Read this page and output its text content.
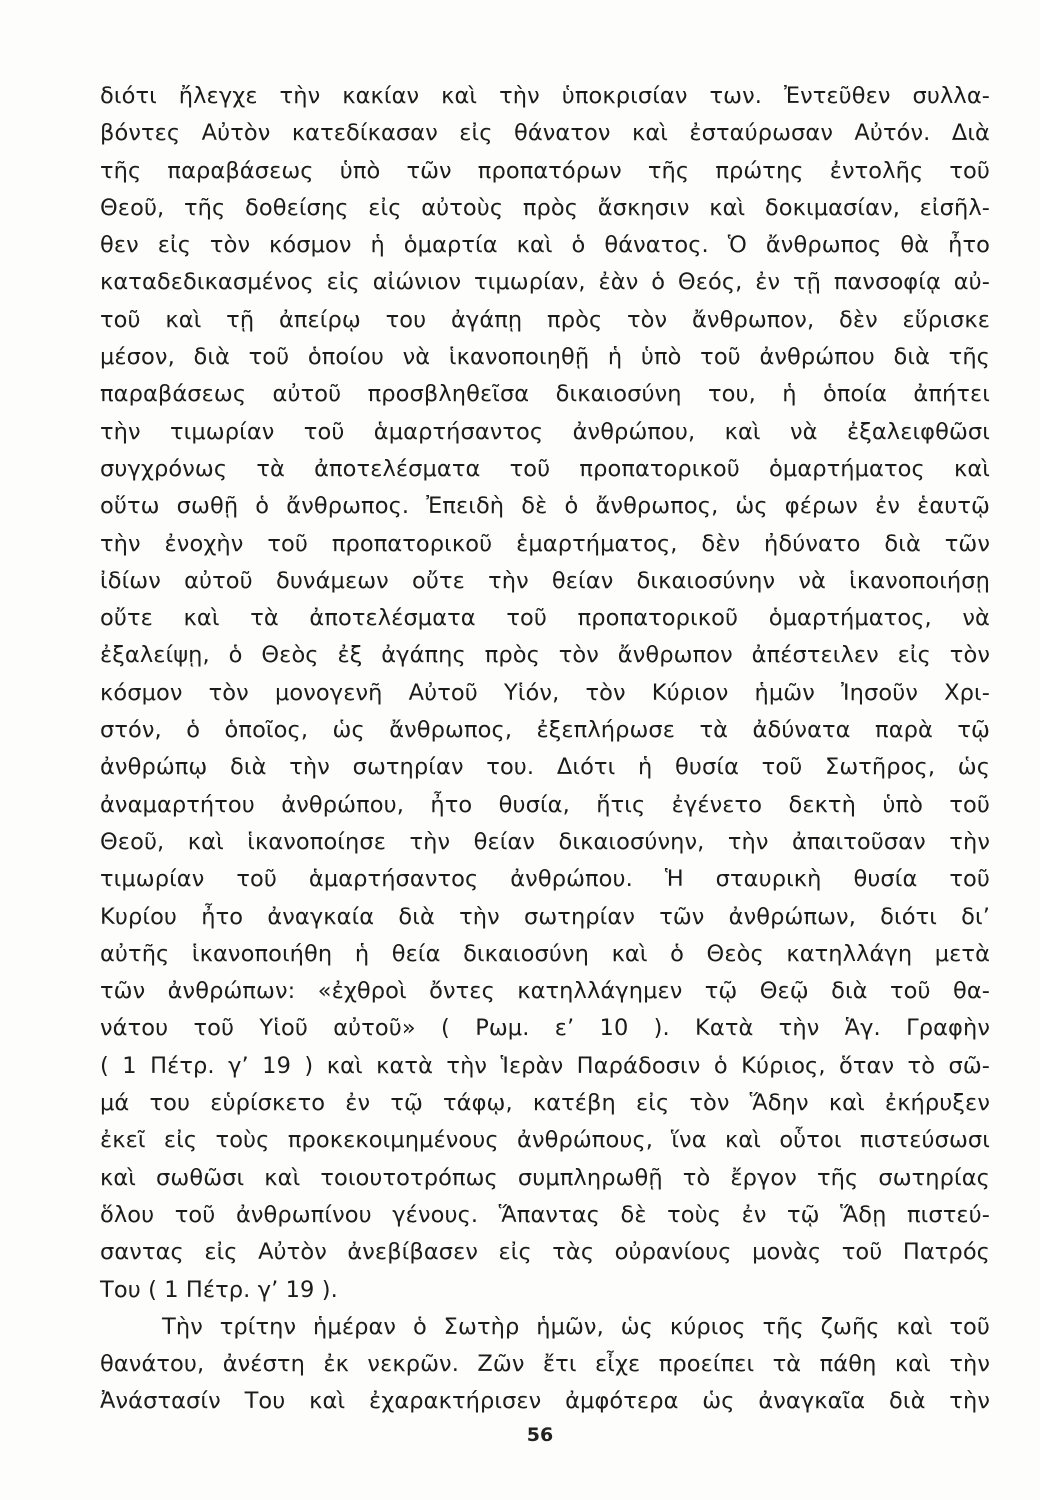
διότι ἤλεγχε τὴν κακίαν καὶ τὴν ὑποκρισίαν των. Ἐντεῦθεν συλλα-
βόντες Αὐτὸν κατεδίκασαν εἰς θάνατον καὶ ἐσταύρωσαν Αὐτόν. Διὰ
τῆς παραβάσεως ὑπὸ τῶν προπατόρων τῆς πρώτης ἐντολῆς τοῦ
Θεοῦ, τῆς δοθείσης εἰς αὐτοὺς πρὸς ἄσκησιν καὶ δοκιμασίαν, εἰσῆλ-
θεν εἰς τὸν κόσμον ἡ ὁμαρτία καὶ ὁ θάνατος. Ὁ ἄνθρωπος θὰ ἦτο
καταδεδικασμένος εἰς αἰώνιον τιμωρίαν, ἐὰν ὁ Θεός, ἐν τῇ πανσοφίᾳ αὐ-
τοῦ καὶ τῇ ἀπείρῳ του ἀγάπῃ πρὸς τὸν ἄνθρωπον, δὲν εὕρισκε
μέσον, διὰ τοῦ ὁποίου νὰ ἱκανοποιηθῇ ἡ ὑπὸ τοῦ ἀνθρώπου διὰ τῆς
παραβάσεως αὐτοῦ προσβληθεῖσα δικαιοσύνη του, ἡ ὁποία ἀπήτει
τὴν τιμωρίαν τοῦ ἁμαρτήσαντος ἀνθρώπου, καὶ νὰ ἐξαλειφθῶσι
συγχρόνως τὰ ἀποτελέσματα τοῦ προπατορικοῦ ὁμαρτήματος καὶ
οὕτω σωθῇ ὁ ἄνθρωπος. Ἐπειδὴ δὲ ὁ ἄνθρωπος, ὡς φέρων ἐν ἑαυτῷ
τὴν ἐνοχὴν τοῦ προπατορικοῦ ἑμαρτήματος, δὲν ἠδύνατο διὰ τῶν
ἰδίων αὐτοῦ δυνάμεων οὔτε τὴν θείαν δικαιοσύνην νὰ ἱκανοποιήσῃ
οὔτε καὶ τὰ ἀποτελέσματα τοῦ προπατορικοῦ ὁμαρτήματος, νὰ
ἐξαλείψῃ, ὁ Θεὸς ἐξ ἀγάπης πρὸς τὸν ἄνθρωπον ἀπέστειλεν εἰς τὸν
κόσμον τὸν μονογενῆ Αὐτοῦ Υἱόν, τὸν Κύριον ἡμῶν Ἰησοῦν Χρι-
στόν, ὁ ὁποῖος, ὡς ἄνθρωπος, ἐξεπλήρωσε τὰ ἀδύνατα παρὰ τῷ
ἀνθρώπῳ διὰ τὴν σωτηρίαν του. Διότι ἡ θυσία τοῦ Σωτῆρος, ὡς
ἀναμαρτήτου ἀνθρώπου, ἦτο θυσία, ἥτις ἐγένετο δεκτὴ ὑπὸ τοῦ
Θεοῦ, καὶ ἱκανοποίησε τὴν θείαν δικαιοσύνην, τὴν ἀπαιτοῦσαν τὴν
τιμωρίαν τοῦ ἁμαρτήσαντος ἀνθρώπου. Ἡ σταυρικὴ θυσία τοῦ
Κυρίου ἦτο ἀναγκαία διὰ τὴν σωτηρίαν τῶν ἀνθρώπων, διότι δι’
αὐτῆς ἱκανοποιήθη ἡ θεία δικαιοσύνη καὶ ὁ Θεὸς κατηλλάγη μετὰ
τῶν ἀνθρώπων: «ἐχθροὶ ὄντες κατηλλάγημεν τῷ Θεῷ διὰ τοῦ θα-
νάτου τοῦ Υἱοῦ αὐτοῦ» ( Ρωμ. ε’ 10 ). Κατὰ τὴν Ἁγ. Γραφὴν
( 1 Πέτρ. γ’ 19 ) καὶ κατὰ τὴν Ἱερὰν Παράδοσιν ὁ Κύριος, ὅταν τὸ σῶ-
μά του εὑρίσκετο ἐν τῷ τάφῳ, κατέβη εἰς τὸν Ἅδην καὶ ἐκήρυξεν
ἐκεῖ εἰς τοὺς προκεκοιμημένους ἀνθρώπους, ἵνα καὶ οὗτοι πιστεύσωσι
καὶ σωθῶσι καὶ τοιουτοτρόπως συμπληρωθῇ τὸ ἔργον τῆς σωτηρίας
ὅλου τοῦ ἀνθρωπίνου γένους. Ἅπαντας δὲ τοὺς ἐν τῷ Ἅδῃ πιστεύ-
σαντας εἰς Αὐτὸν ἀνεβίβασεν εἰς τὰς οὐρανίους μονὰς τοῦ Πατρός
Του ( 1 Πέτρ. γ’ 19 ).
Τὴν τρίτην ἡμέραν ὁ Σωτὴρ ἡμῶν, ὡς κύριος τῆς ζωῆς καὶ τοῦ
θανάτου, ἀνέστη ἐκ νεκρῶν. Ζῶν ἔτι εἶχε προείπει τὰ πάθη καὶ τὴν
Ἀνάστασίν Του καὶ ἐχαρακτήρισεν ἀμφότερα ὡς ἀναγκαῖα διὰ τὴν
56
